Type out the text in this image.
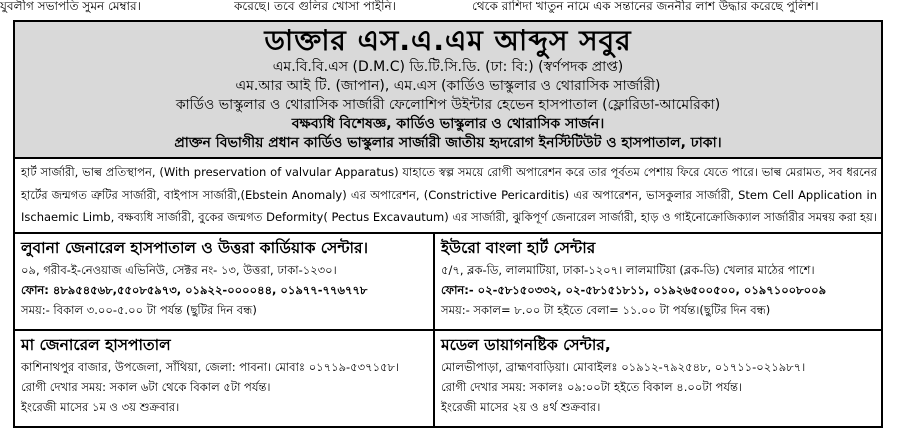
যুবলীগ সভাপতি সুমন মেম্বার।	করেছে। তবে গুলির খোসা পাইনি।	থেকে রাশিদা খাতুন নামে এক সন্তানের জননীর লাশ উদ্ধার করেছে পুলিশ।
ডাক্তার এস.এ.এম আব্দুস সবুর
এম.বি.বি.এস (D.M.C) ডি.টি.সি.ডি. (ঢা: বি:) (স্বর্ণপদক প্রাপ্ত)
এম.আর আই টি. (জাপান), এম.এস (কার্ডিও ভাস্কুলার ও থোরাসিক সার্জারী)
কার্ডিও ভাস্কুলার ও থোরাসিক সার্জারী ফেলোশিপ উইন্টার হেভেন হাসপাতাল (ফ্লোরিডা-আমেরিকা)
বক্ষব্যধি বিশেষজ্ঞ, কার্ডিও ভাস্কুলার ও থোরাসিক সার্জন।
প্রাক্তন বিভাগীয় প্রধান কার্ডিও ভাস্কুলার সার্জারী জাতীয় হৃদরোগ ইনস্টিটিউট ও হাসপাতাল, ঢাকা।
হার্ট সার্জারী, ভাল্ব প্রতিস্থাপন, (With preservation of valvular Apparatus) যাহাতে স্বল্প সময়ে রোগী অপারেশন করে তার পূর্বতম পেশায় ফিরে যেতে পারে। ভাল্ব মেরামত, সব ধরনের হার্টের জন্মগত ত্রুটির সার্জারী, বাইপাস সার্জারী,(Ebstein Anomaly) এর অপারেশন, (Constrictive Pericarditis) এর অপারেশন, ভাসকুলার সার্জারী, Stem Cell Application in Ischaemic Limb, বক্ষব্যধি সার্জারী, বুকের জন্মগত Deformity( Pectus Excavautum) এর সার্জারী, ঝুকিপূর্ণ জেনারেল সার্জারী, হাড় ও গাইনোক্রোজিক্যাল সার্জারীর সমন্বয় করা হয়।
লুবানা জেনারেল হাসপাতাল ও উত্তরা কার্ডিয়াক সেন্টার।
০৯, গরীব-ই-নেওয়াজ এভিনিউ, সেক্টর নং- ১৩, উত্তরা, ঢাকা-১২৩০।
ফোন: ৪৮৯৫৪৫৬৮,৫৫০৮৫৯৭৩, ০১৯২২-০০০০৪৪, ০১৯৭৭-৭৭৬৭৭৮
সময়:- বিকাল ৩.০০-৫.০০ টা পর্যন্ত (ছুটির দিন বন্ধ)
ইউরো বাংলা হার্ট সেন্টার
৫/৭, ব্লক-ডি, লালমাটিয়া, ঢাকা-১২০৭। লালমাটিয়া (ব্লক-ডি) খেলার মাঠের পাশে।
ফোন:- ০২-৫৮১৫০৩৩২, ০২-৫৮১৫১৮১১, ০১৯২৬৫০০৫০০, ০১৯৭১০০৮০০৯
সময়:- সকাল= ৮.০০ টা হইতে বেলা= ১১.০০ টা পর্যন্ত।(ছুটির দিন বন্ধ)
মা জেনারেল হাসপাতাল
কাশিনাথপুর বাজার, উপজেলা, সাঁথিয়া, জেলা: পাবনা। মোবাঃ ০১৭১৯-৫৩৭১৫৮।
রোগী দেখার সময়: সকাল ৬টা থেকে বিকাল ৫টা পর্যন্ত।
ইংরেজী মাসের ১ম ও ৩য় শুক্রবার।
মডেল ডায়াগনষ্টিক সেন্টার,
মোলভীপাড়া, ব্রাহ্মণবাড়িয়া। মোবাইলঃ ০১৯১২-৭৯২৫৪৮, ০১৭১১-০২১৯৮৭।
রোগী দেখার সময়: সকালঃ ০৯:০০টা হইতে বিকাল ৪.০০টা পর্যন্ত।
ইংরেজী মাসের ২য় ও ৪র্থ শুক্রবার।
